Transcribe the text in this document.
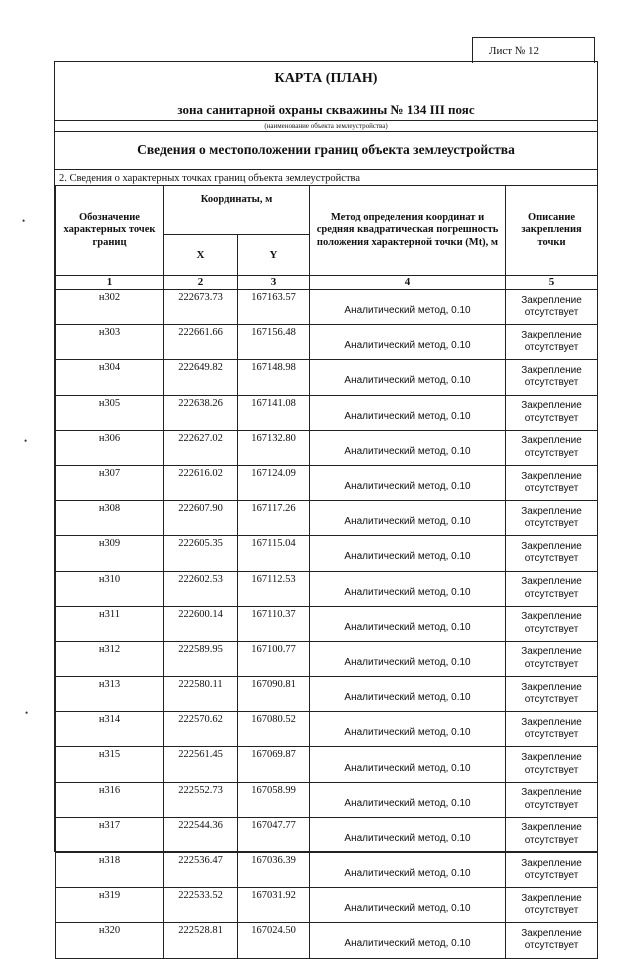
Лист № 12
•
•
•
КАРТА (ПЛАН)
зона санитарной охраны скважины № 134 III пояс
(наименование объекта землеустройства)
Сведения о местоположении границ объекта землеустройства
2. Сведения о характерных точках границ объекта землеустройства
Обозначение характерных точек границ	Координаты, м		Метод определения координат и средняя квадратическая погрешность положения характерной точки (Mt), м	Описание закрепления точки
	X	Y		
1	2	3	4	5
н302	222673.73	167163.57	Аналитический метод, 0.10	Закрепление отсутствует
н303	222661.66	167156.48	Аналитический метод, 0.10	Закрепление отсутствует
н304	222649.82	167148.98	Аналитический метод, 0.10	Закрепление отсутствует
н305	222638.26	167141.08	Аналитический метод, 0.10	Закрепление отсутствует
н306	222627.02	167132.80	Аналитический метод, 0.10	Закрепление отсутствует
н307	222616.02	167124.09	Аналитический метод, 0.10	Закрепление отсутствует
н308	222607.90	167117.26	Аналитический метод, 0.10	Закрепление отсутствует
н309	222605.35	167115.04	Аналитический метод, 0.10	Закрепление отсутствует
н310	222602.53	167112.53	Аналитический метод, 0.10	Закрепление отсутствует
н311	222600.14	167110.37	Аналитический метод, 0.10	Закрепление отсутствует
н312	222589.95	167100.77	Аналитический метод, 0.10	Закрепление отсутствует
н313	222580.11	167090.81	Аналитический метод, 0.10	Закрепление отсутствует
н314	222570.62	167080.52	Аналитический метод, 0.10	Закрепление отсутствует
н315	222561.45	167069.87	Аналитический метод, 0.10	Закрепление отсутствует
н316	222552.73	167058.99	Аналитический метод, 0.10	Закрепление отсутствует
н317	222544.36	167047.77	Аналитический метод, 0.10	Закрепление отсутствует
н318	222536.47	167036.39	Аналитический метод, 0.10	Закрепление отсутствует
н319	222533.52	167031.92	Аналитический метод, 0.10	Закрепление отсутствует
н320	222528.81	167024.50	Аналитический метод, 0.10	Закрепление отсутствует
